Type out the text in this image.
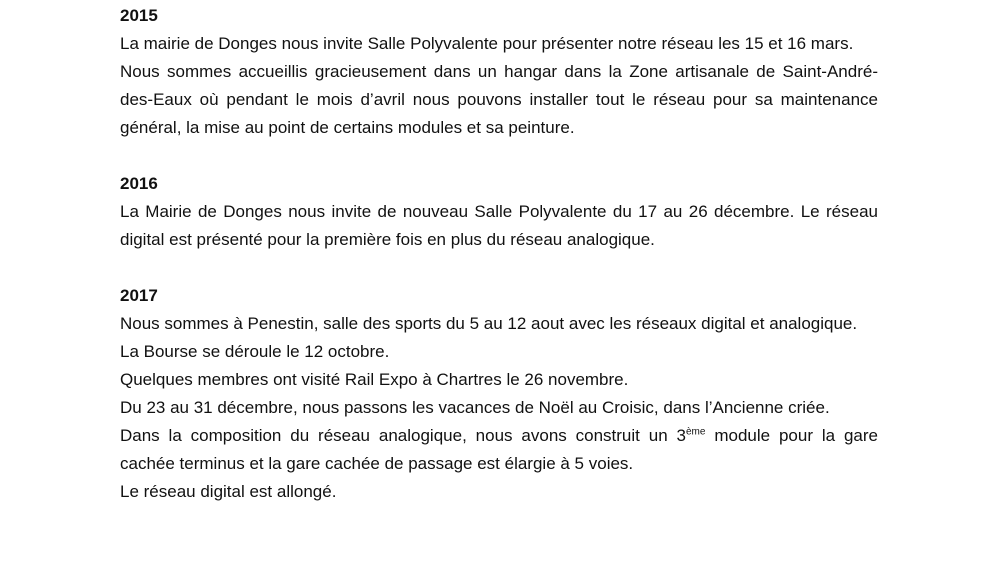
2015

La mairie de Donges nous invite Salle Polyvalente pour présenter notre réseau les 15 et 16 mars.

Nous sommes accueillis gracieusement dans un hangar dans la Zone artisanale de Saint-André-des-Eaux où pendant le mois d’avril nous pouvons installer tout le réseau pour sa maintenance général, la mise au point de certains modules et sa peinture.

2016

La Mairie de Donges nous invite de nouveau Salle Polyvalente du 17 au 26 décembre. Le réseau digital est présenté pour la première fois en plus du réseau analogique.

2017

Nous sommes à Penestin, salle des sports du 5 au 12 aout avec les réseaux digital et analogique.

La Bourse se déroule le 12 octobre.

Quelques membres ont visité Rail Expo à Chartres le 26 novembre.

Du 23 au 31 décembre, nous passons les vacances de Noël au Croisic, dans l’Ancienne criée.

Dans la composition du réseau analogique, nous avons construit un 3ème module pour la gare cachée terminus et la gare cachée de passage est élargie à 5 voies.

Le réseau digital est allongé.
